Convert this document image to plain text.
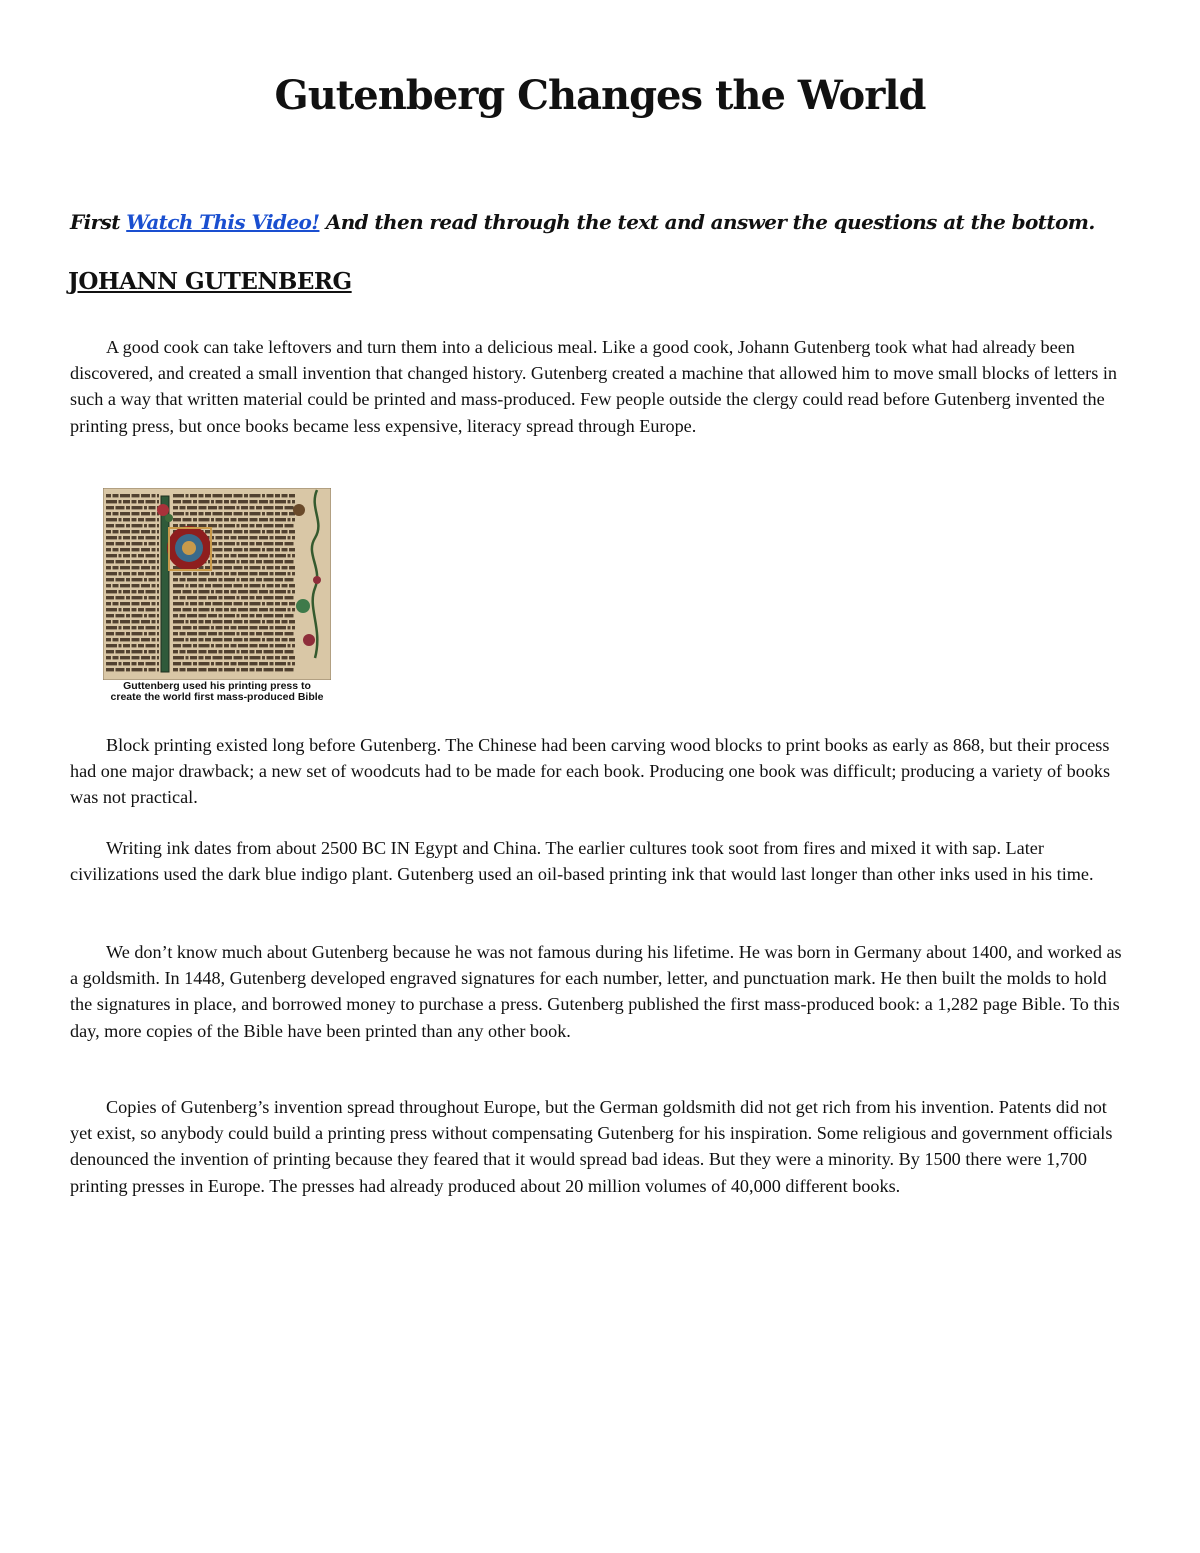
Gutenberg Changes the World
First Watch This Video! And then read through the text and answer the questions at the bottom.
JOHANN GUTENBERG

A good cook can take leftovers and turn them into a delicious meal. Like a good cook, Johann Gutenberg took what had already been discovered, and created a small invention that changed history. Gutenberg created a machine that allowed him to move small blocks of letters in such a way that written material could be printed and mass-produced. Few people outside the clergy could read before Gutenberg invented the printing press, but once books became less expensive, literacy spread through Europe.

Guttenberg used his printing press to
create the world first mass-produced Bible

Block printing existed long before Gutenberg. The Chinese had been carving wood blocks to print books as early as 868, but their process had one major drawback; a new set of woodcuts had to be made for each book. Producing one book was difficult; producing a variety of books was not practical.

Writing ink dates from about 2500 BC IN Egypt and China. The earlier cultures took soot from fires and mixed it with sap. Later civilizations used the dark blue indigo plant. Gutenberg used an oil-based printing ink that would last longer than other inks used in his time.

We don’t know much about Gutenberg because he was not famous during his lifetime. He was born in Germany about 1400, and worked as a goldsmith. In 1448, Gutenberg developed engraved signatures for each number, letter, and punctuation mark. He then built the molds to hold the signatures in place, and borrowed money to purchase a press. Gutenberg published the first mass-produced book: a 1,282 page Bible. To this day, more copies of the Bible have been printed than any other book.

Copies of Gutenberg’s invention spread throughout Europe, but the German goldsmith did not get rich from his invention. Patents did not yet exist, so anybody could build a printing press without compensating Gutenberg for his inspiration. Some religious and government officials denounced the invention of printing because they feared that it would spread bad ideas. But they were a minority. By 1500 there were 1,700 printing presses in Europe. The presses had already produced about 20 million volumes of 40,000 different books.
